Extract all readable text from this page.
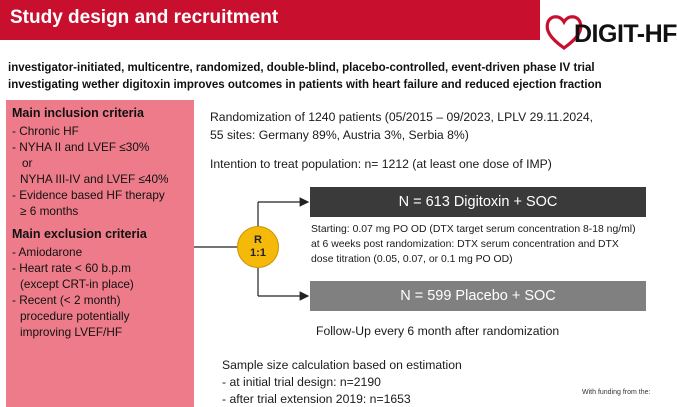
Study design and recruitment
DIGIT-HF
investigator-initiated, multicentre, randomized, double-blind, placebo-controlled, event-driven phase IV trial
investigating wether digitoxin improves outcomes in patients with heart failure and reduced ejection fraction
Main inclusion criteria
- Chronic HF
- NYHA II and LVEF ≤30%
or
NYHA III-IV and LVEF ≤40%
- Evidence based HF therapy
≥ 6 months
Main exclusion criteria
- Amiodarone
- Heart rate < 60 b.p.m
(except CRT-in place)
- Recent (< 2 month)
procedure potentially
improving LVEF/HF
Randomization of 1240 patients (05/2015 – 09/2023, LPLV 29.11.2024,
55 sites: Germany 89%, Austria 3%, Serbia 8%)
Intention to treat population: n= 1212 (at least one dose of IMP)
R
1:1
N = 613 Digitoxin + SOC
N = 599 Placebo + SOC
Starting: 0.07 mg PO OD (DTX target serum concentration 8-18 ng/ml)
at 6 weeks post randomization: DTX serum concentration and DTX
dose titration (0.05, 0.07, or 0.1 mg PO OD)
Follow-Up every 6 month after randomization
Sample size calculation based on estimation
- at initial trial design: n=2190
- after trial extension 2019: n=1653	With funding from the:
